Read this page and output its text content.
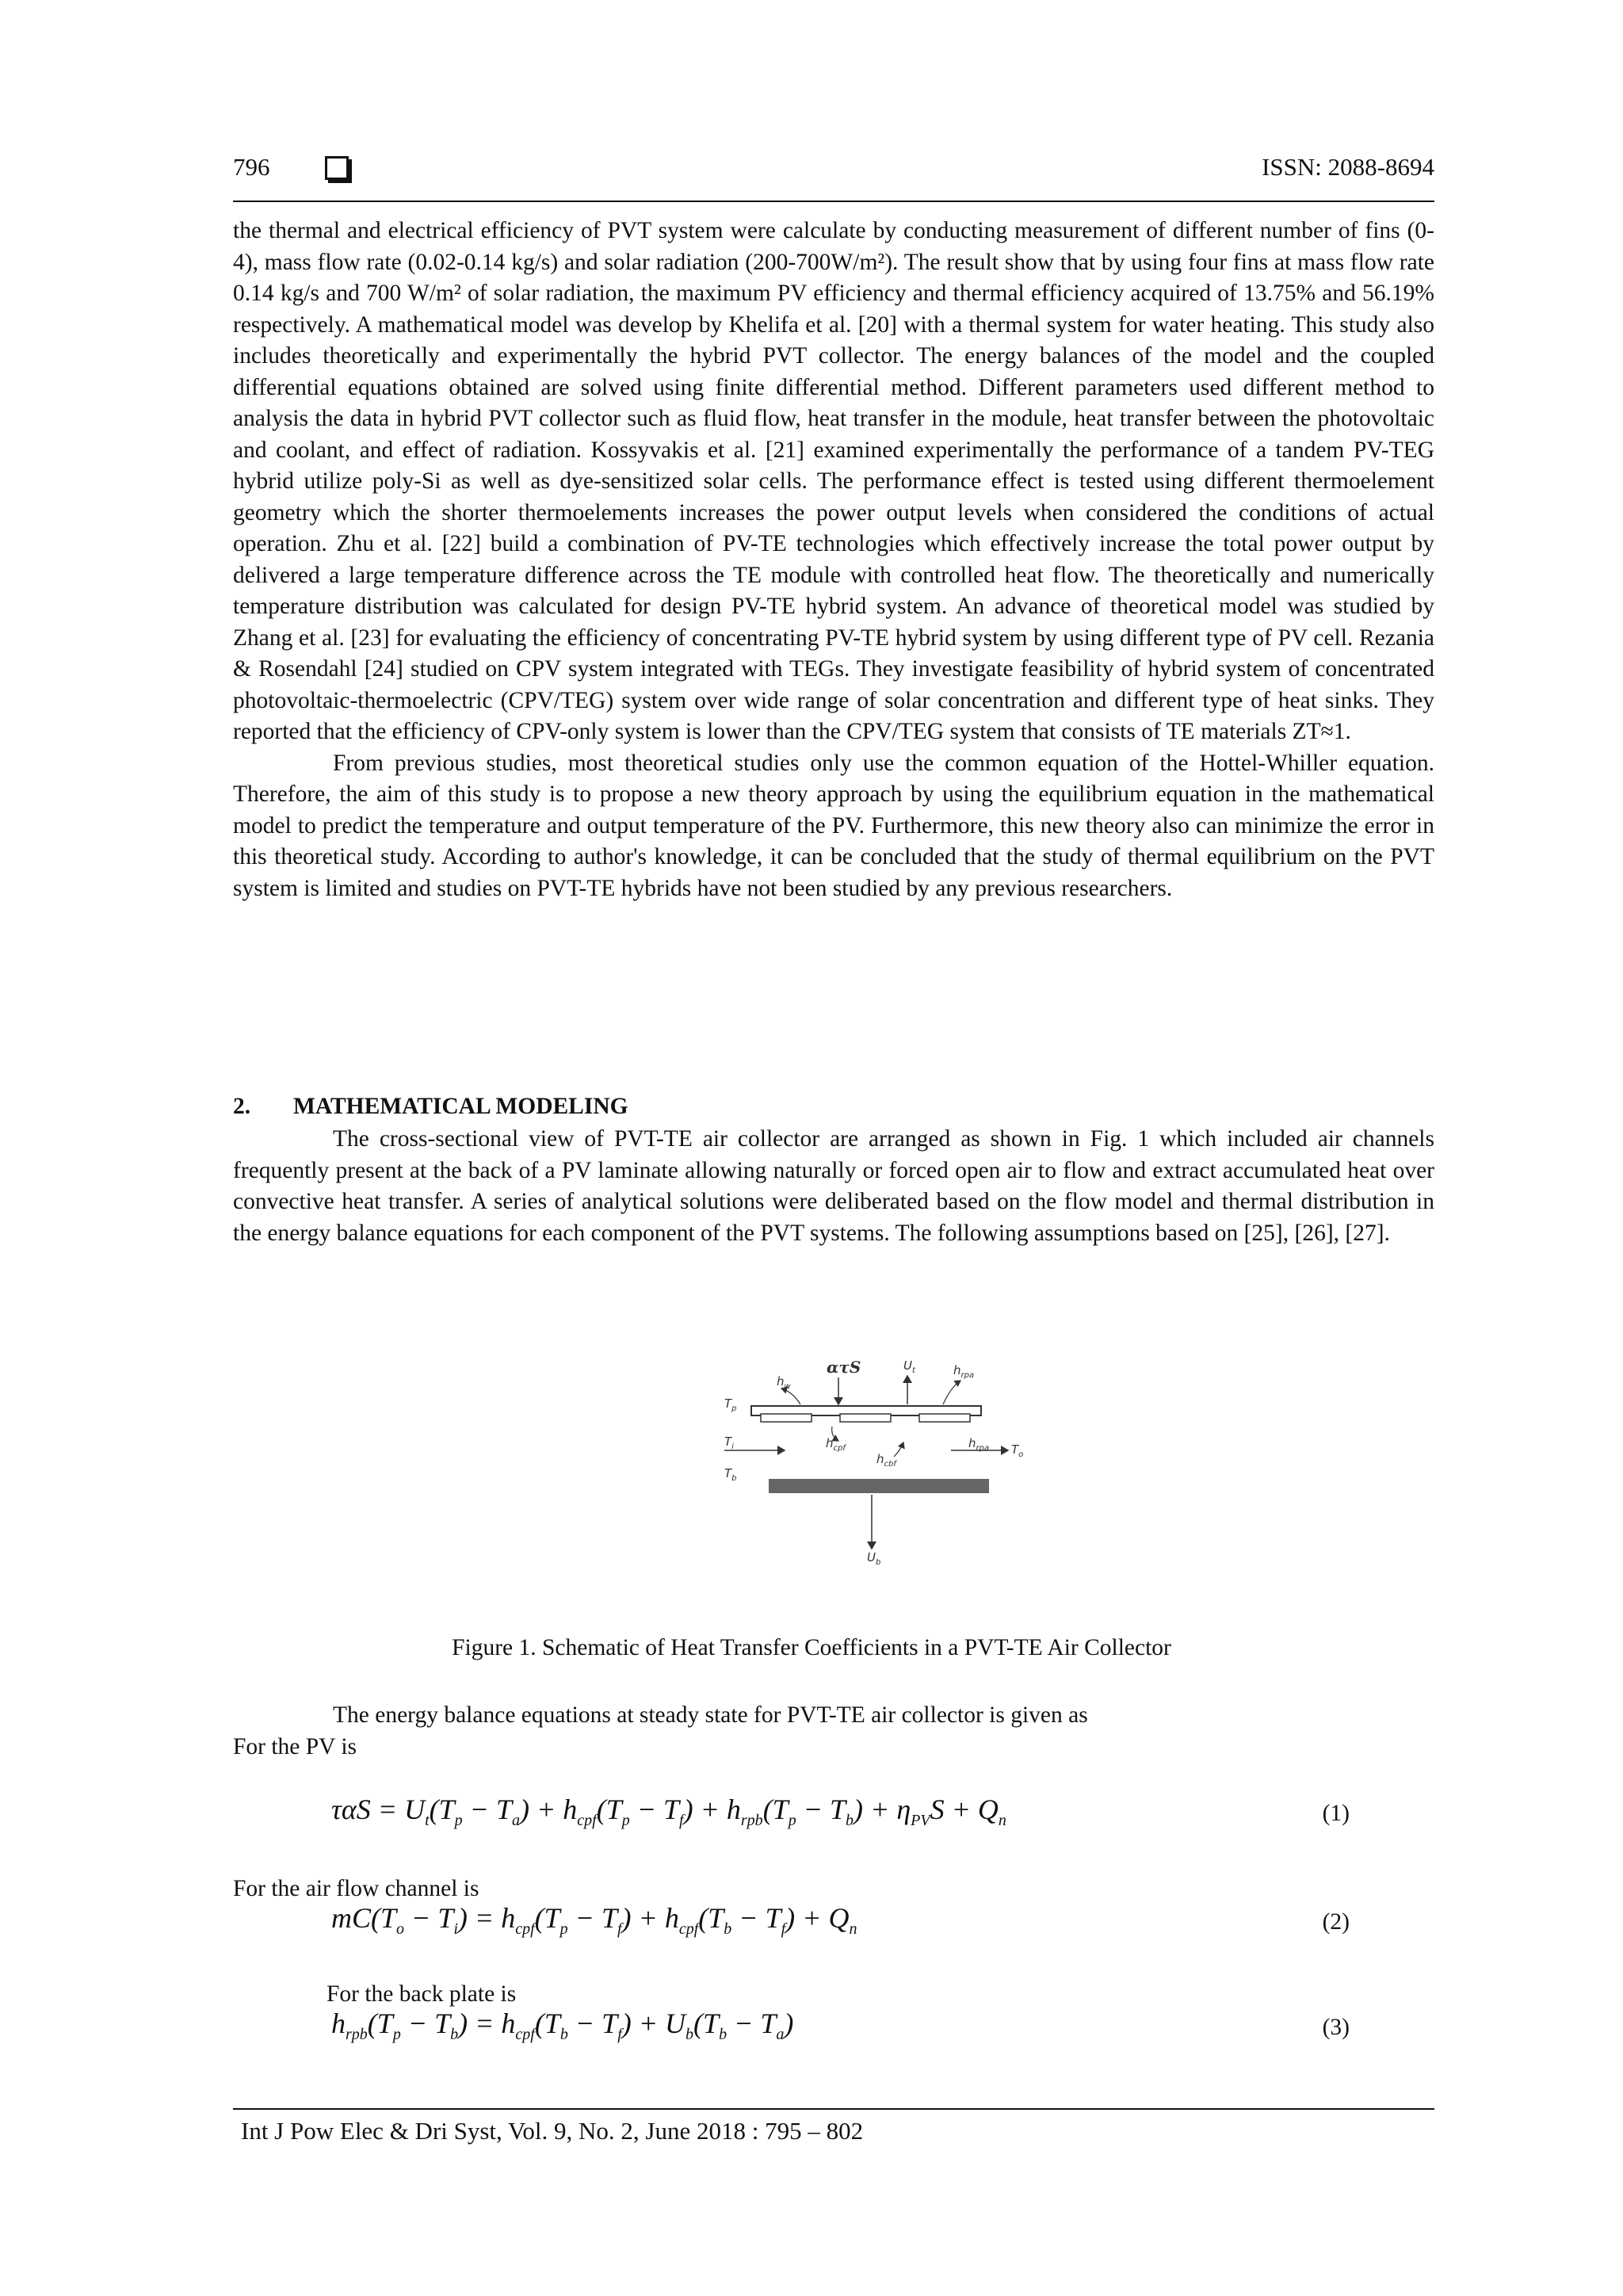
796	ISSN: 2088-8694

the thermal and electrical efficiency of PVT system were calculate by conducting measurement of different number of fins (0-4), mass flow rate (0.02-0.14 kg/s) and solar radiation (200-700W/m²). The result show that by using four fins at mass flow rate 0.14 kg/s and 700 W/m² of solar radiation, the maximum PV efficiency and thermal efficiency acquired of 13.75% and 56.19% respectively. A mathematical model was develop by Khelifa et al. [20] with a thermal system for water heating. This study also includes theoretically and experimentally the hybrid PVT collector. The energy balances of the model and the coupled differential equations obtained are solved using finite differential method. Different parameters used different method to analysis the data in hybrid PVT collector such as fluid flow, heat transfer in the module, heat transfer between the photovoltaic and coolant, and effect of radiation. Kossyvakis et al. [21] examined experimentally the performance of a tandem PV-TEG hybrid utilize poly-Si as well as dye-sensitized solar cells. The performance effect is tested using different thermoelement geometry which the shorter thermoelements increases the power output levels when considered the conditions of actual operation. Zhu et al. [22] build a combination of PV-TE technologies which effectively increase the total power output by delivered a large temperature difference across the TE module with controlled heat flow. The theoretically and numerically temperature distribution was calculated for design PV-TE hybrid system. An advance of theoretical model was studied by Zhang et al. [23] for evaluating the efficiency of concentrating PV-TE hybrid system by using different type of PV cell. Rezania & Rosendahl [24] studied on CPV system integrated with TEGs. They investigate feasibility of hybrid system of concentrated photovoltaic-thermoelectric (CPV/TEG) system over wide range of solar concentration and different type of heat sinks. They reported that the efficiency of CPV-only system is lower than the CPV/TEG system that consists of TE materials ZT≈1.

From previous studies, most theoretical studies only use the common equation of the Hottel-Whiller equation. Therefore, the aim of this study is to propose a new theory approach by using the equilibrium equation in the mathematical model to predict the temperature and output temperature of the PV. Furthermore, this new theory also can minimize the error in this theoretical study. According to author's knowledge, it can be concluded that the study of thermal equilibrium on the PVT system is limited and studies on PVT-TE hybrids have not been studied by any previous researchers.

2. MATHEMATICAL MODELING

The cross-sectional view of PVT-TE air collector are arranged as shown in Fig. 1 which included air channels frequently present at the back of a PV laminate allowing naturally or forced open air to flow and extract accumulated heat over convective heat transfer. A series of analytical solutions were deliberated based on the flow model and thermal distribution in the energy balance equations for each component of the PVT systems. The following assumptions based on [25], [26], [27].

$h_w$
ατS	$U_t$	$h_{rpa}$
$T_p$
$T_i$
$T_b$
$h_{cpf}$
$h_{cbf}$
$h_{rpa}$ $T_o$
$U_b$
Figure 1. Schematic of Heat Transfer Coefficients in a PVT-TE Air Collector
The energy balance equations at steady state for PVT-TE air collector is given as
For the PV is
$\tau\alpha S = U_t(T_p - T_a) + h_{cpf}(T_p - T_f) + h_{rpb}(T_p - T_b) + \eta_{PV}S + Q_n$	(1)
For the air flow channel is
$mC(T_o - T_i) = h_{cpf}(T_p - T_f) + h_{cpf}(T_b - T_f) + Q_n$	(2)
For the back plate is
$h_{rpb}(T_p - T_b) = h_{cpf}(T_b - T_f) + U_b(T_b - T_a)$	(3)
Int J Pow Elec & Dri Syst, Vol. 9, No. 2, June 2018 : 795 – 802
